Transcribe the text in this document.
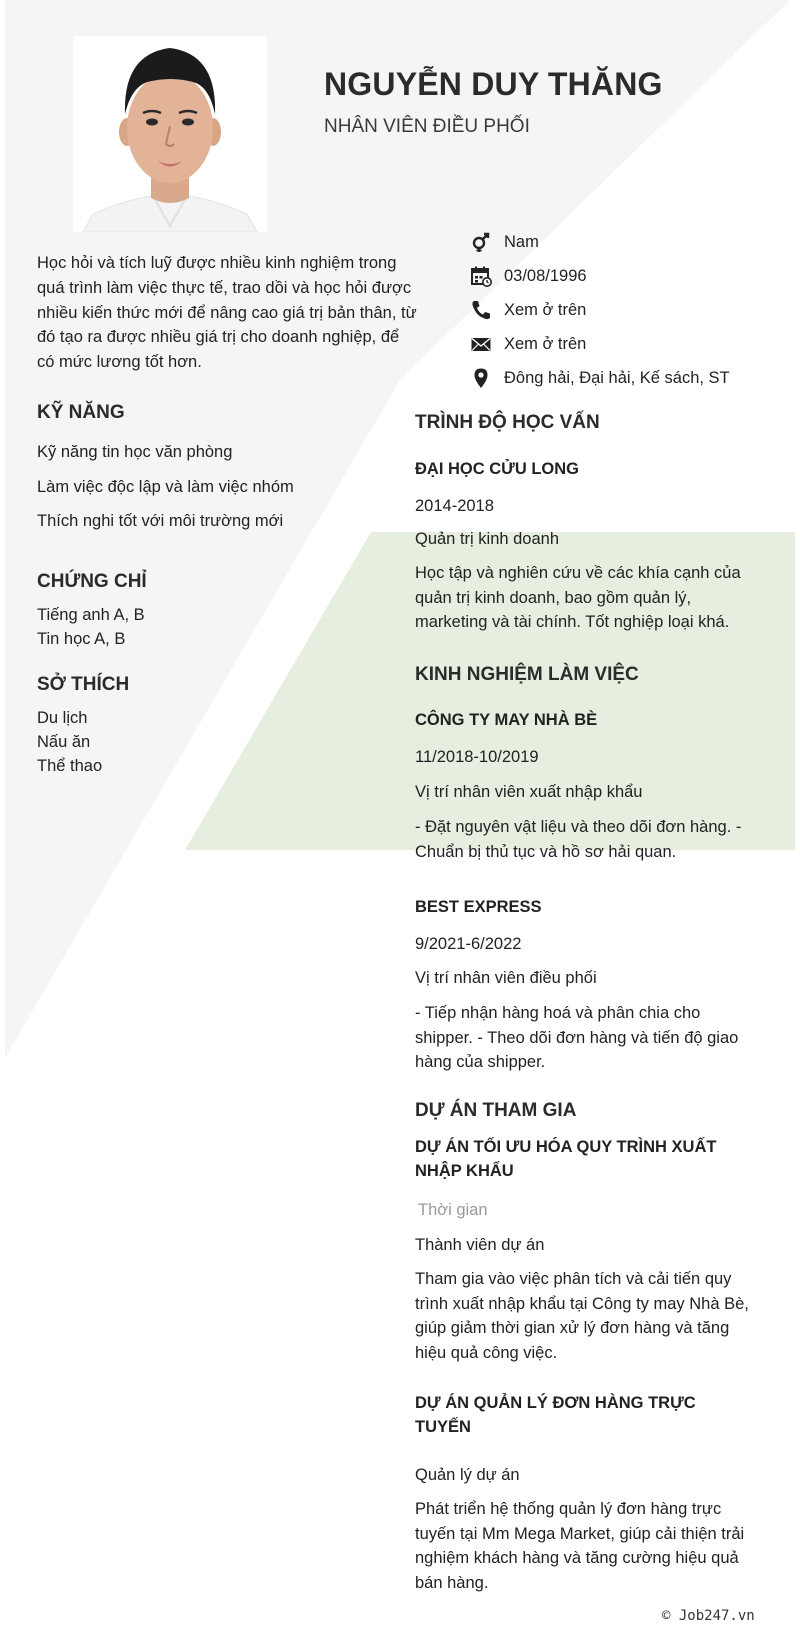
NGUYỄN DUY THĂNG
NHÂN VIÊN ĐIỀU PHỐI
Học hỏi và tích luỹ được nhiều kinh nghiệm trong quá trình làm việc thực tế, trao dồi và học hỏi được nhiều kiến thức mới để nâng cao giá trị bản thân, từ đó tạo ra được nhiều giá trị cho doanh nghiệp, để có mức lương tốt hơn.
Nam
03/08/1996
Xem ở trên
Xem ở trên
Đông hải, Đại hải, Kế sách, ST
KỸ NĂNG
Kỹ năng tin học văn phòng
Làm việc độc lập và làm việc nhóm
Thích nghi tốt với môi trường mới
CHỨNG CHỈ
Tiếng anh A, B
Tin học A, B
SỞ THÍCH
Du lịch
Nấu ăn
Thể thao
TRÌNH ĐỘ HỌC VẤN
ĐẠI HỌC CỬU LONG
2014-2018
Quản trị kinh doanh
Học tập và nghiên cứu về các khía cạnh của quản trị kinh doanh, bao gồm quản lý, marketing và tài chính. Tốt nghiệp loại khá.
KINH NGHIỆM LÀM VIỆC
CÔNG TY MAY NHÀ BÈ
11/2018-10/2019
Vị trí nhân viên xuất nhập khẩu
- Đặt nguyên vật liệu và theo dõi đơn hàng. - Chuẩn bị thủ tục và hồ sơ hải quan.
BEST EXPRESS
9/2021-6/2022
Vị trí nhân viên điều phối
- Tiếp nhận hàng hoá và phân chia cho shipper. - Theo dõi đơn hàng và tiến độ giao hàng của shipper.
DỰ ÁN THAM GIA
DỰ ÁN TỐI ƯU HÓA QUY TRÌNH XUẤT NHẬP KHẨU
Thời gian
Thành viên dự án
Tham gia vào việc phân tích và cải tiến quy trình xuất nhập khẩu tại Công ty may Nhà Bè, giúp giảm thời gian xử lý đơn hàng và tăng hiệu quả công việc.
DỰ ÁN QUẢN LÝ ĐƠN HÀNG TRỰC TUYẾN
Quản lý dự án
Phát triển hệ thống quản lý đơn hàng trực tuyến tại Mm Mega Market, giúp cải thiện trải nghiệm khách hàng và tăng cường hiệu quả bán hàng.
© Job247.vn
